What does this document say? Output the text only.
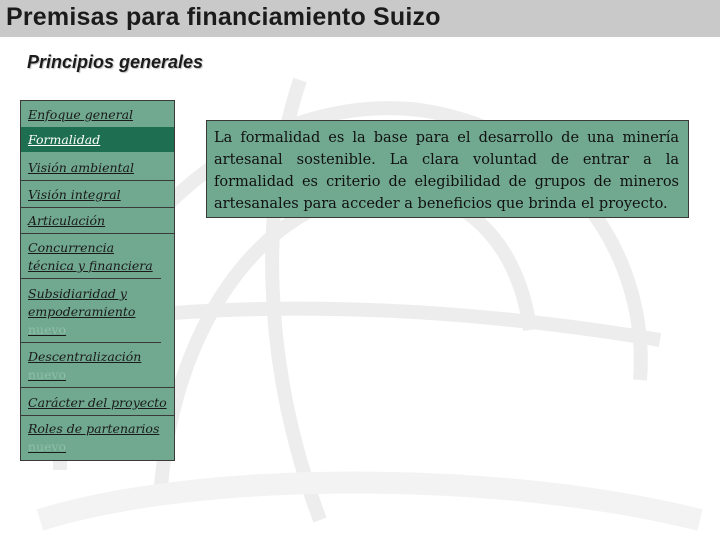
Premisas para financiamiento Suizo
Principios generales
Enfoque general
Formalidad
Visión ambiental
Visión integral
Articulación
Concurrencia técnica y financiera
Subsidiaridad y empoderamiento
nuevo
Descentralización
nuevo
Carácter del proyecto
Roles de partenarios
nuevo

La formalidad es la base para el desarrollo de una minería artesanal sostenible. La clara voluntad de entrar a la formalidad es criterio de elegibilidad de grupos de mineros artesanales para acceder a beneficios que brinda el proyecto.
